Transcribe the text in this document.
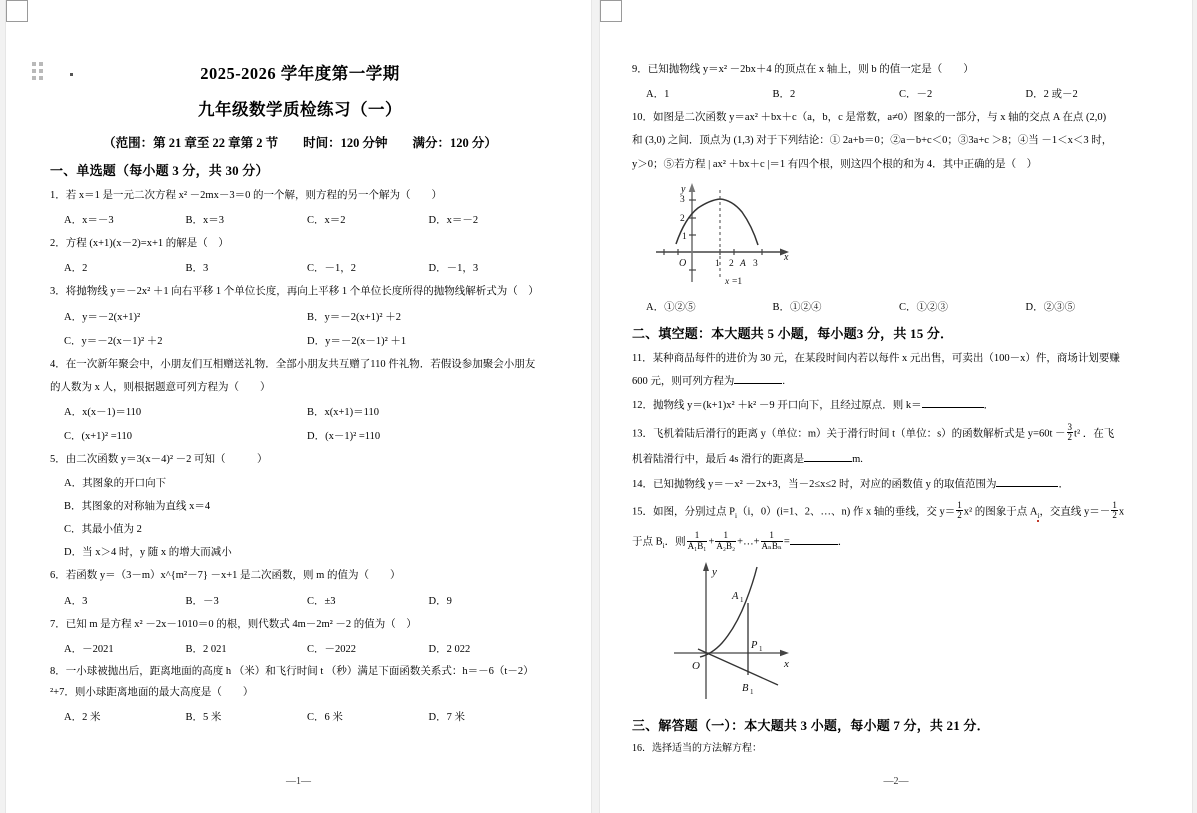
2025-2026 学年度第一学期
九年级数学质检练习（一）
（范围：第 21 章至 22 章第 2 节　　时间：120 分钟　　满分：120 分）
一、单选题（每小题 3 分，共 30 分）
1．若 x＝1 是一元二次方程 x² －2mx－3＝0 的一个解，则方程的另一个解为（　　）
A．x＝－3	B．x＝3	C．x＝2	D．x＝－2
2．方程 (x+1)(x－2)=x+1 的解是（　）
A．2	B．3	C．－1，2	D．－1，3
3．将抛物线 y＝－2x² ＋1 向右平移 1 个单位长度，再向上平移 1 个单位长度所得的抛物线解析式为（　）
A．y＝－2(x+1)²	B．y＝－2(x+1)² ＋2
C．y＝－2(x－1)² ＋2	D．y＝－2(x－1)² ＋1
4．在一次新年聚会中，小朋友们互相赠送礼物．全部小朋友共互赠了110 件礼物．若假设参加聚会小朋友
的人数为 x 人，则根据题意可列方程为（　　）
A．x(x－1)＝110	B．x(x+1)＝110
C．(x+1)² =110	D．(x－1)² =110
5．由二次函数 y＝3(x－4)² －2 可知（　　　）
A．其图象的开口向下
B．其图象的对称轴为直线 x＝4
C．其最小值为 2
D．当 x＞4 时，y 随 x 的增大而减小
6．若函数 y＝（3－m）x^{m²－7} －x+1 是二次函数，则 m 的值为（　　）
A．3	B．－3	C．±3	D．9
7．已知 m 是方程 x² －2x－1010＝0 的根，则代数式 4m－2m² －2 的值为（　）
A．－2021	B．2 021	C．－2022	D．2 022
8．一小球被抛出后，距离地面的高度 h （米）和飞行时间 t （秒）满足下面函数关系式：h＝－6（t－2）
²+7．则小球距离地面的最大高度是（　　）
A．2 米	B．5 米	C．6 米	D．7 米
—1—
9．已知抛物线 y＝x² －2bx＋4 的顶点在 x 轴上，则 b 的值一定是（　　）
A．1	B．2	C．－2	D．2 或－2
10．如图是二次函数 y＝ax² ＋bx＋c（a，b，c 是常数，a≠0）图象的一部分，与 x 轴的交点 A 在点 (2,0)
和 (3,0) 之间．顶点为 (1,3) 对于下列结论：① 2a+b＝0；②a－b+c＜0；③3a+c ＞8；④当 －1＜x＜3 时，
y＞0；⑤若方程 | ax² ＋bx＋c |＝1 有四个根，则这四个根的和为 4．其中正确的是（　）
y
x
3
2
1
O	1 2 A 3
x =1
A．①②⑤	B．①②④	C．①②③	D．②③⑤
二、填空题：本大题共 5 小题，每小题3 分，共 15 分．
11．某种商品每件的进价为 30 元，在某段时间内若以每件 x 元出售，可卖出（100－x）件，商场计划要赚
600 元，则可列方程为	.
12．抛物线 y＝(k+1)x² ＋k² －9 开口向下，且经过原点．则 k＝	．
13．飞机着陆后滑行的距离 y（单位：m）关于滑行时间 t（单位：s）的函数解析式是 $y=60t - \frac{3}{2} t^2$ ．在飞
机着陆滑行中，最后 4s 滑行的距离是	m.
14．已知抛物线 y＝－x² －2x+3，当－2≤x≤2 时，对应的函数值 y 的取值范围为	．
15．如图，分别过点 $P_i(i$，0）(i=1、2、…、n) 作 x 轴的垂线，交 $y= \frac{1}{2} x^2$ 的图象于点 $A_i$，交直线 $y=- \frac{1}{2}$ x
于点 $B_i$．则 $\frac{1}{\text{A₁B₁}} + \frac{1}{\text{A₂B₂}}$ +…+ $\frac{1}{\text{AₙBₙ}}$ =	．
y
x
O
A 1
P 1
B 1
三、解答题（一）：本大题共 3 小题，每小题 7 分，共 21 分．
16．选择适当的方法解方程：
—2—
